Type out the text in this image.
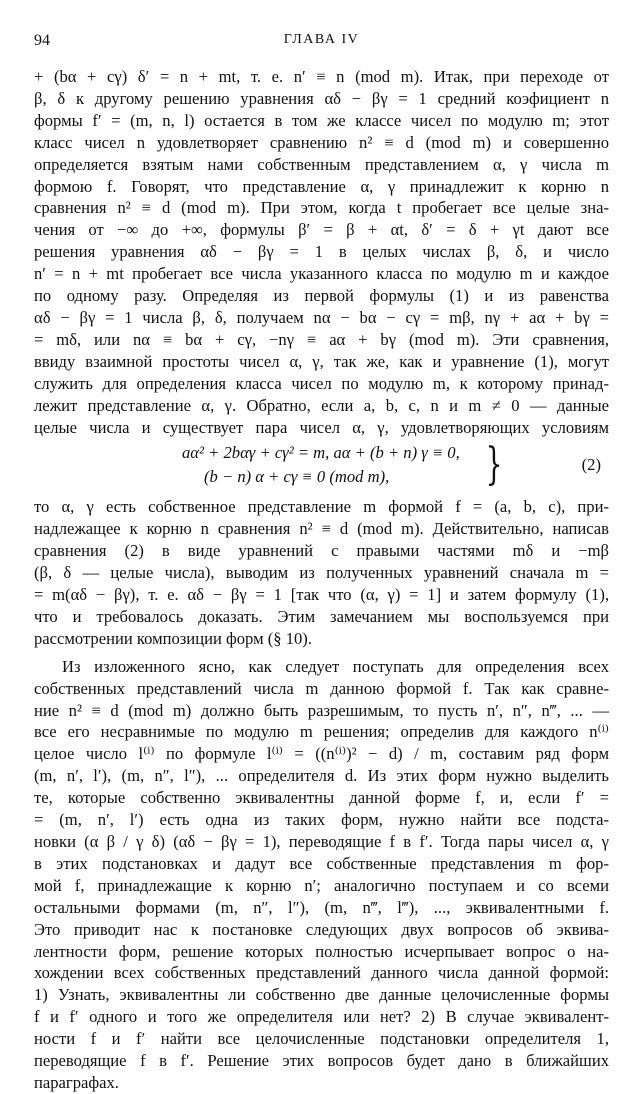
94	ГЛАВА IV
+ (bα + cγ) δ′ = n + mt, т. е. n′ ≡ n (mod m). Итак, при переходе от
β, δ к другому решению уравнения αδ − βγ = 1 средний коэфициент n
формы f′ = (m, n, l) остается в том же классе чисел по модулю m; этот
класс чисел n удовлетворяет сравнению n² ≡ d (mod m) и совершенно
определяется взятым нами собственным представлением α, γ числа m
формою f. Говорят, что представление α, γ принадлежит к корню n
сравнения n² ≡ d (mod m). При этом, когда t пробегает все целые зна-
чения от −∞ до +∞, формулы β′ = β + αt, δ′ = δ + γt дают все
решения уравнения αδ − βγ = 1 в целых числах β, δ, и число
n′ = n + mt пробегает все числа указанного класса по модулю m и каждое
по одному разу. Определяя из первой формулы (1) и из равенства
αδ − βγ = 1 числа β, δ, получаем nα − bα − cγ = mβ, nγ + aα + bγ =
= mδ, или nα ≡ bα + cγ, −nγ ≡ aα + bγ (mod m). Эти сравнения,
ввиду взаимной простоты чисел α, γ, так же, как и уравнение (1), могут
служить для определения класса чисел по модулю m, к которому принад-
лежит представление α, γ. Обратно, если a, b, c, n и m ≠ 0 — данные
целые числа и существует пара чисел α, γ, удовлетворяющих условиям
aα² + 2bαγ + cγ² = m, aα + (b + n) γ ≡ 0,
(b − n) α + cγ ≡ 0 (mod m), }	(2)
то α, γ есть собственное представление m формой f = (a, b, c), при-
надлежащее к корню n сравнения n² ≡ d (mod m). Действительно, написав
сравнения (2) в виде уравнений с правыми частями mδ и −mβ
(β, δ — целые числа), выводим из полученных уравнений сначала m =
= m(αδ − βγ), т. е. αδ − βγ = 1 [так что (α, γ) = 1] и затем формулу (1),
что и требовалось доказать. Этим замечанием мы воспользуемся при
рассмотрении композиции форм (§ 10).
Из изложенного ясно, как следует поступать для определения всех
собственных представлений числа m данною формой f. Так как сравне-
ние n² ≡ d (mod m) должно быть разрешимым, то пусть n′, n″, n‴, ... —
все его несравнимые по модулю m решения; определив для каждого n⁽ⁱ⁾
целое число l⁽ⁱ⁾ по формуле l⁽ⁱ⁾ = ((n⁽ⁱ⁾)² − d) / m, составим ряд форм
(m, n′, l′), (m, n″, l″), ... определителя d. Из этих форм нужно выделить
те, которые собственно эквивалентны данной форме f, и, если f′ =
= (m, n′, l′) есть одна из таких форм, нужно найти все подста-
новки (α β / γ δ) (αδ − βγ = 1), переводящие f в f′. Тогда пары чисел α, γ
в этих подстановках и дадут все собственные представления m фор-
мой f, принадлежащие к корню n′; аналогично поступаем и со всеми
остальными формами (m, n″, l″), (m, n‴, l‴), ..., эквивалентными f.
Это приводит нас к постановке следующих двух вопросов об эквива-
лентности форм, решение которых полностью исчерпывает вопрос о на-
хождении всех собственных представлений данного числа данной формой:
1) Узнать, эквивалентны ли собственно две данные целочисленные формы
f и f′ одного и того же определителя или нет? 2) В случае эквивалент-
ности f и f′ найти все целочисленные подстановки определителя 1,
переводящие f в f′. Решение этих вопросов будет дано в ближайших
параграфах.
